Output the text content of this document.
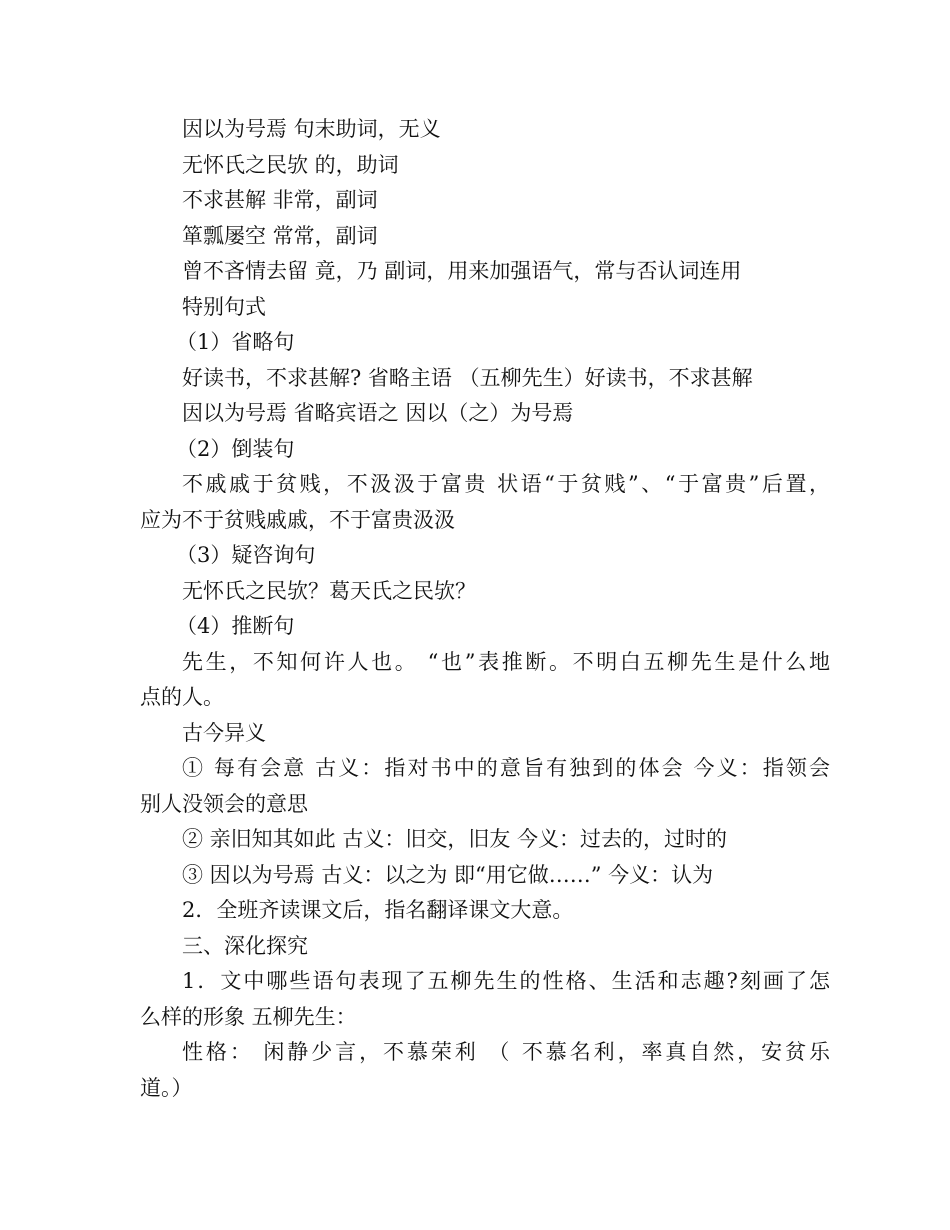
因以为号焉 句末助词，无义
无怀氏之民欤 的，助词
不求甚解 非常，副词
箪瓢屡空 常常，副词
曾不吝情去留 竟，乃 副词，用来加强语气，常与否认词连用
特别句式
（1）省略句
好读书，不求甚解? 省略主语 （五柳先生）好读书，不求甚解
因以为号焉 省略宾语之 因以（之）为号焉
（2）倒装句
不戚戚于贫贱，不汲汲于富贵 状语“于贫贱”、“于富贵”后置，
应为不于贫贱戚戚，不于富贵汲汲
（3）疑咨询句
无怀氏之民欤？葛天氏之民欤？
（4）推断句
先生，不知何许人也。 “也”表推断。不明白五柳先生是什么地
点的人。
古今异义
① 每有会意 古义：指对书中的意旨有独到的体会 今义：指领会
别人没领会的意思
② 亲旧知其如此 古义：旧交，旧友 今义：过去的，过时的
③ 因以为号焉 古义：以之为 即“用它做……” 今义：认为
2．全班齐读课文后，指名翻译课文大意。
三、深化探究
1．文中哪些语句表现了五柳先生的性格、生活和志趣?刻画了怎
么样的形象 五柳先生：
性格： 闲静少言，不慕荣利 （ 不慕名利，率真自然，安贫乐
道。）
